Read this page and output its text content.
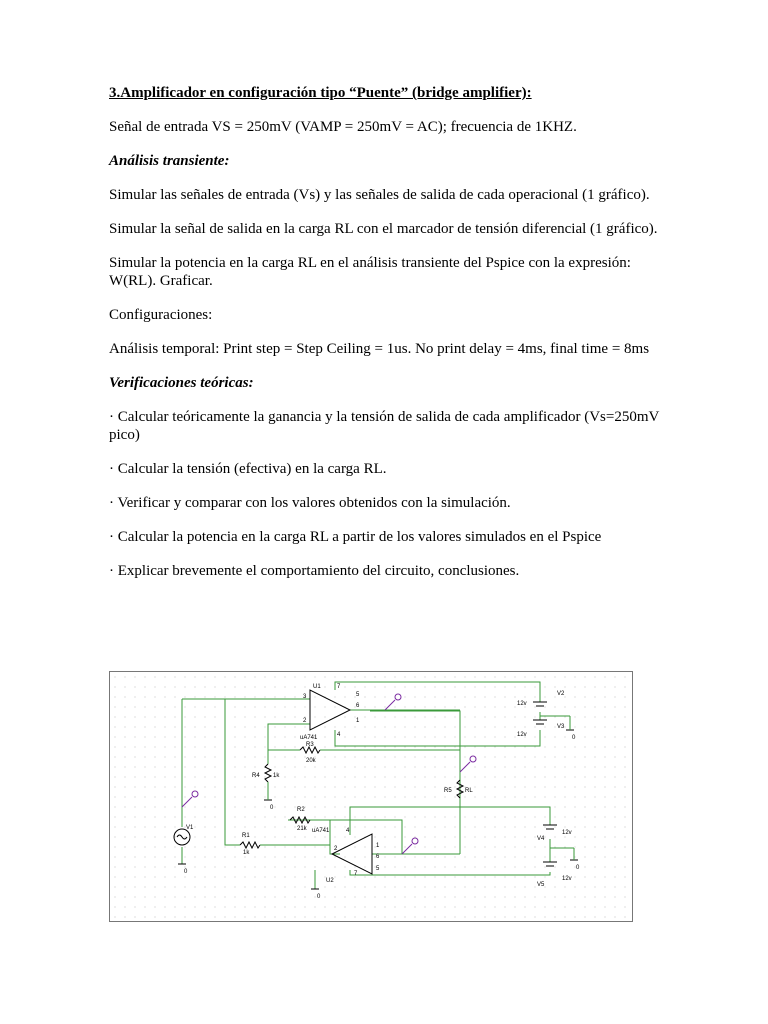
3.Amplificador en configuración tipo “Puente” (bridge amplifier):

Señal de entrada VS = 250mV (VAMP = 250mV = AC); frecuencia de 1KHZ.

Análisis transiente:

Simular las señales de entrada (Vs) y las señales de salida de cada operacional (1 gráfico).

Simular la señal de salida en la carga RL con el marcador de tensión diferencial (1 gráfico).

Simular la potencia en la carga RL en el análisis transiente del Pspice con la expresión: W(RL). Graficar.

Configuraciones:

Análisis temporal: Print step = Step Ceiling = 1us. No print delay = 4ms, final time = 8ms

Verificaciones teóricas:

· Calcular teóricamente la ganancia y la tensión de salida de cada amplificador (Vs=250mV pico)

· Calcular la tensión (efectiva) en la carga RL.

· Verificar y comparar con los valores obtenidos con la simulación.

· Calcular la potencia en la carga RL a partir de los valores simulados en el Pspice

· Explicar brevemente el comportamiento del circuito, conclusiones.

U1
uA741
U2
uA741
R1
1k
R2
21k
R3
20k
R4 1k
R5 RL
V1
V2
12v
V3
12v
V4
12v
V5
12v
0
0
0
0
0
3
2
7
4
6
1
5
4
2	1
6
7
5
